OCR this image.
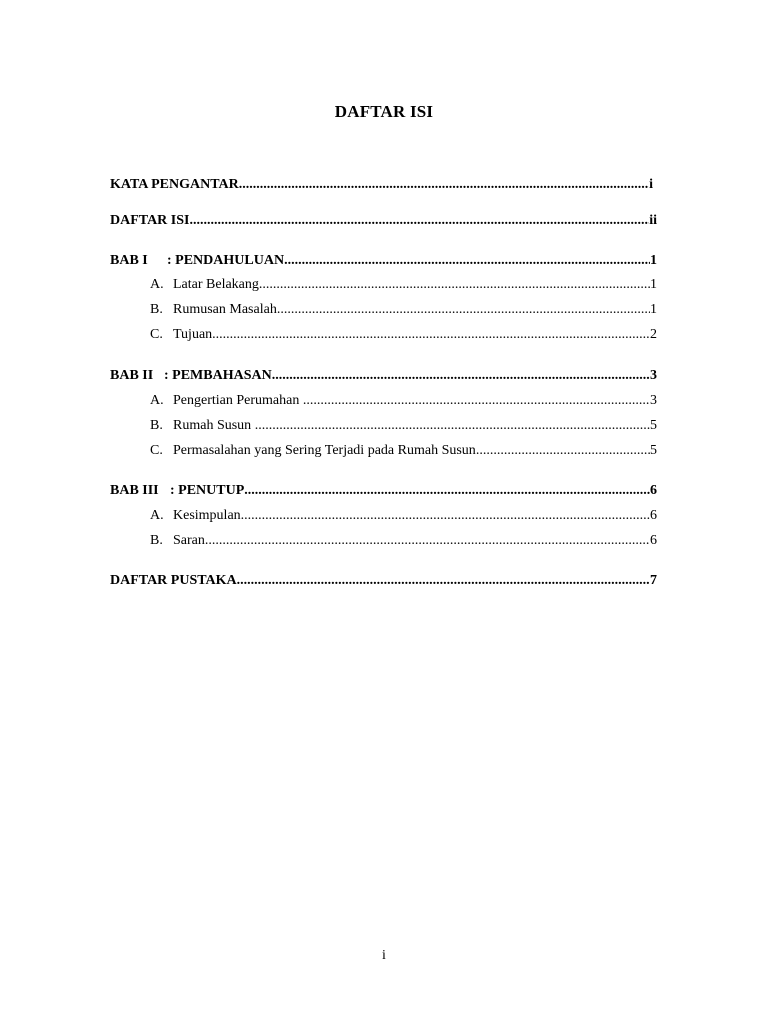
DAFTAR ISI
KATA PENGANTAR .....	i
DAFTAR ISI .....	ii
BAB I	: PENDAHULUAN .....	1
A. Latar Belakang .....	1
B. Rumusan Masalah .....	1
C. Tujuan .....	2
BAB II : PEMBAHASAN .....	3
A. Pengertian Perumahan .....	3
B. Rumah Susun .....	5
C. Permasalahan yang Sering Terjadi pada Rumah Susun .....	5
BAB III : PENUTUP .....	6
A. Kesimpulan .....	6
B. Saran .....	6
DAFTAR PUSTAKA .....	7
i
